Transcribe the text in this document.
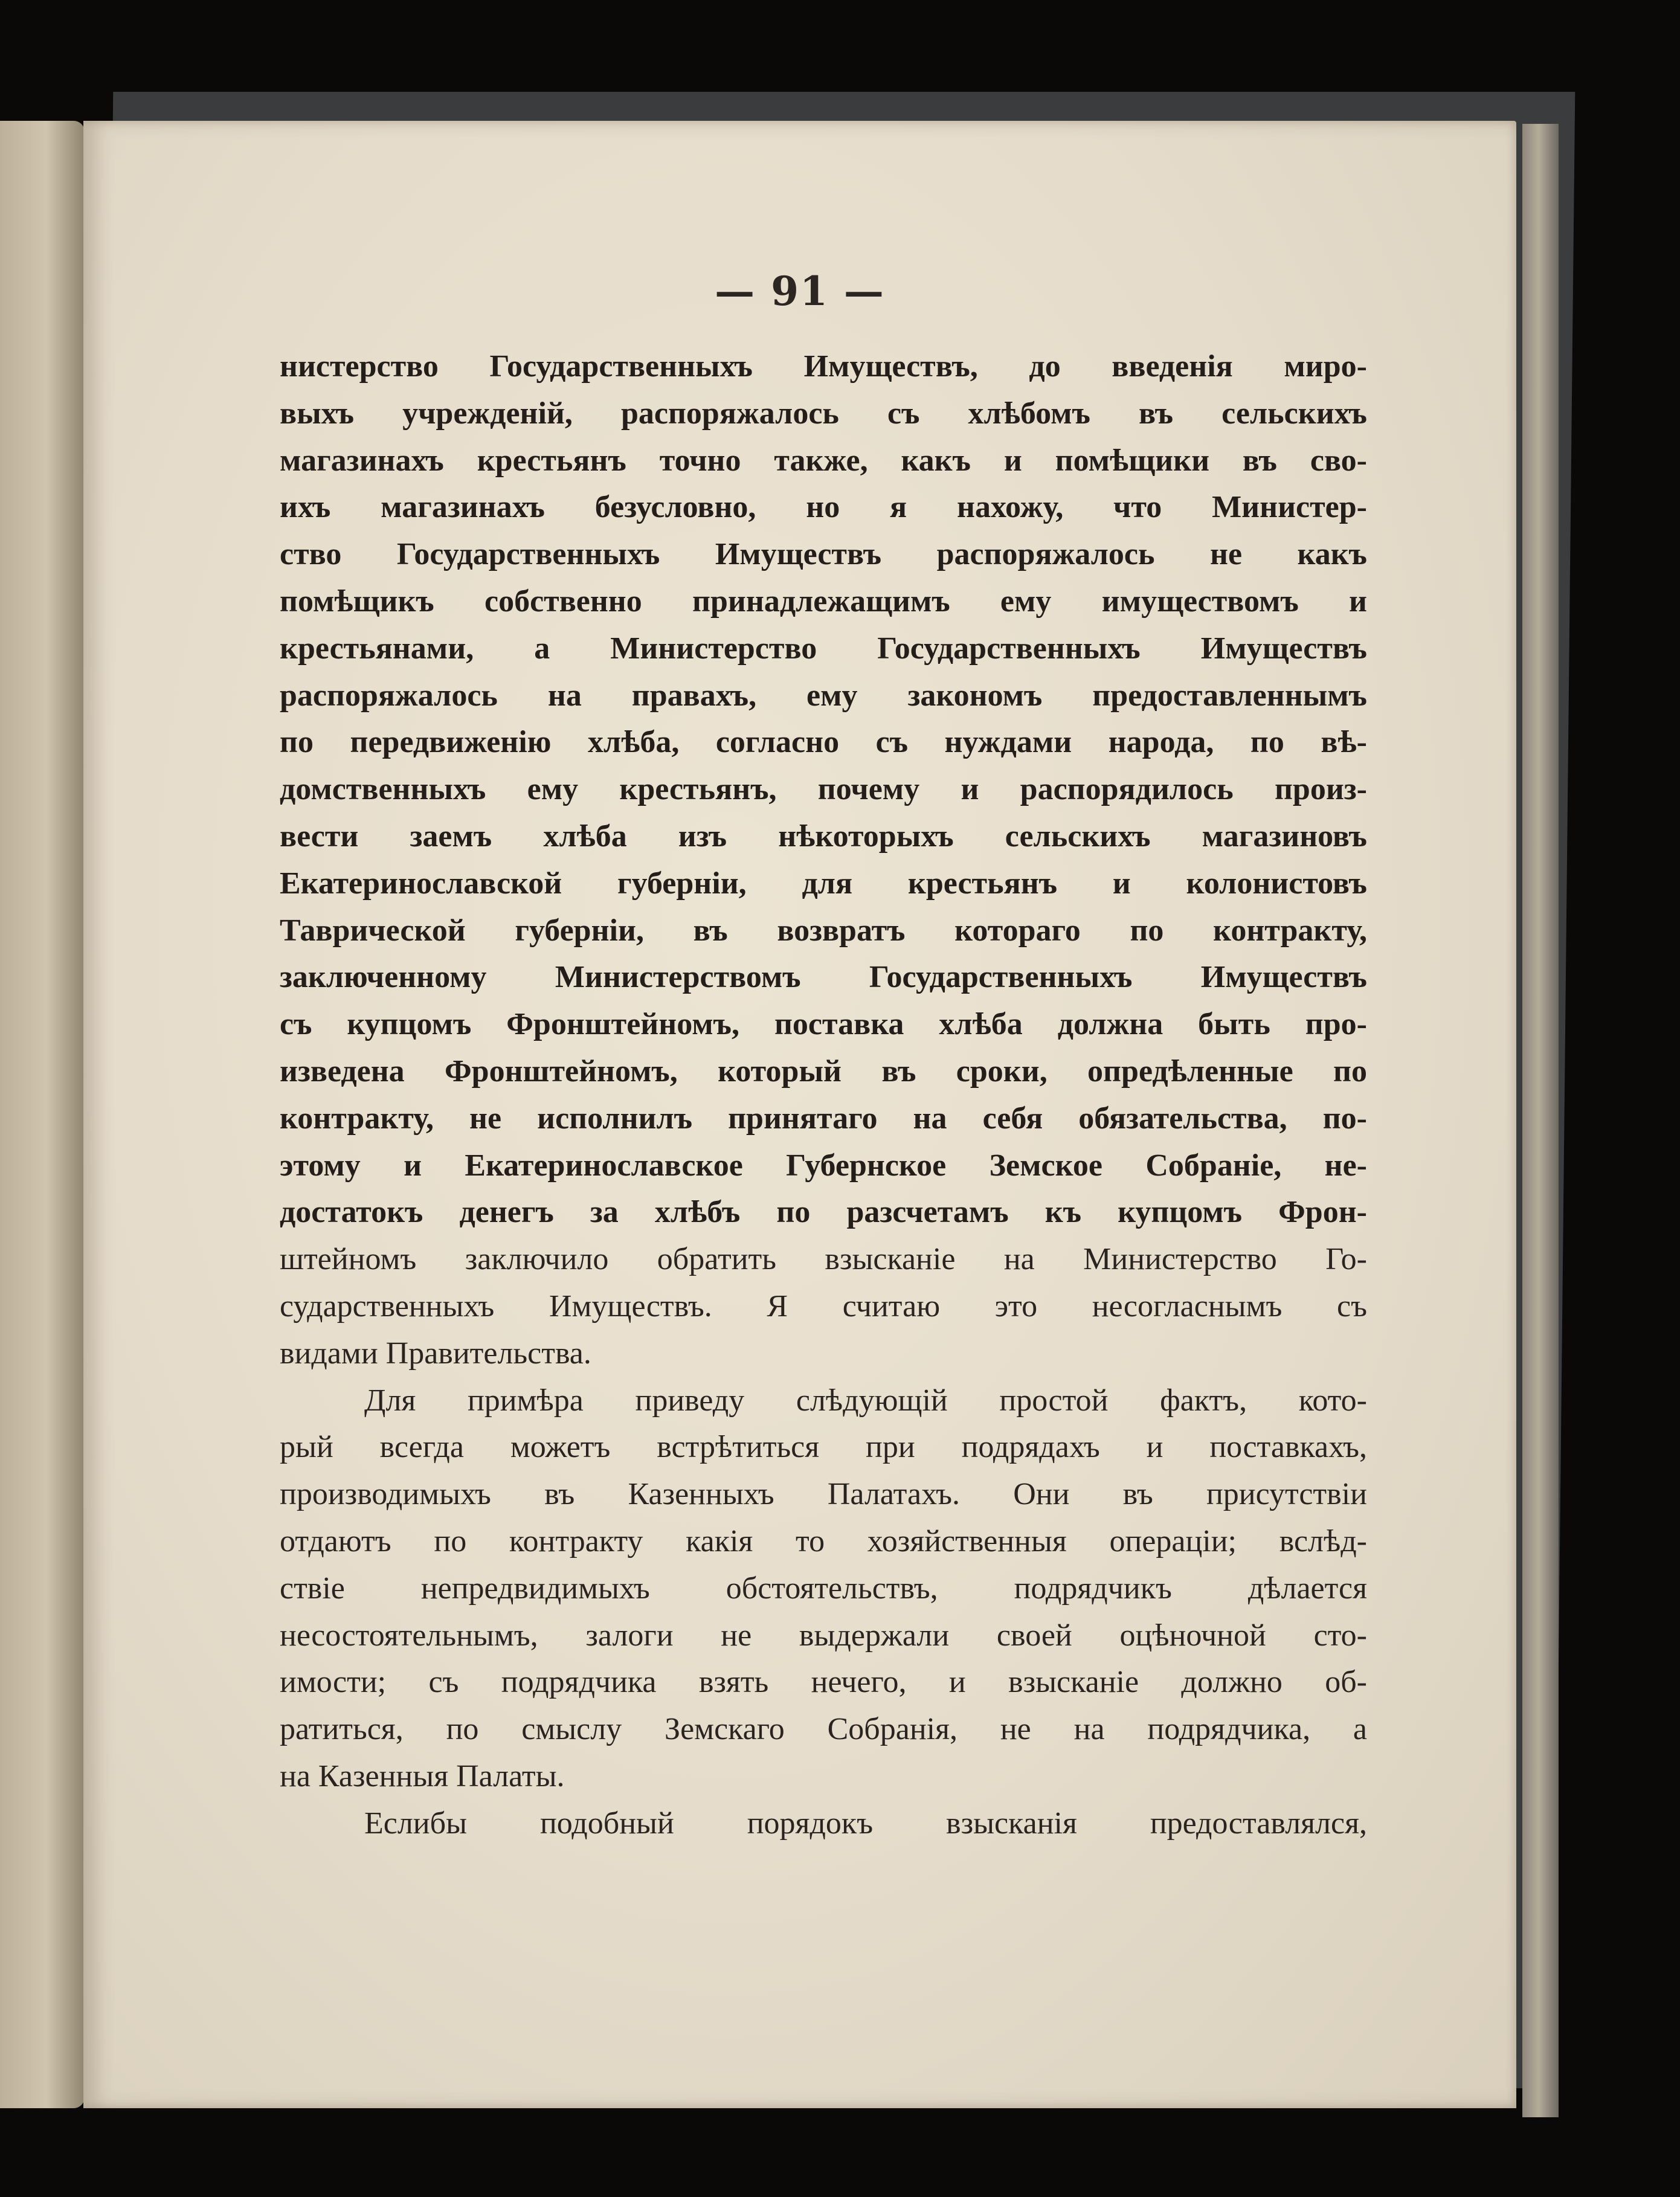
— 91 —
нистерство Государственныхъ Имуществъ, до введенія миро-
выхъ учрежденій, распоряжалось съ хлѣбомъ въ сельскихъ
магазинахъ крестьянъ точно также, какъ и помѣщики въ сво-
ихъ магазинахъ безусловно, но я нахожу, что Министер-
ство Государственныхъ Имуществъ распоряжалось не какъ
помѣщикъ собственно принадлежащимъ ему имуществомъ и
крестьянами, а Министерство Государственныхъ Имуществъ
распоряжалось на правахъ, ему закономъ предоставленнымъ
по передвиженію хлѣба, согласно съ нуждами народа, по вѣ-
домственныхъ ему крестьянъ, почему и распорядилось произ-
вести заемъ хлѣба изъ нѣкоторыхъ сельскихъ магазиновъ
Екатеринославской губерніи, для крестьянъ и колонистовъ
Таврической губерніи, въ возвратъ котораго по контракту,
заключенному Министерствомъ Государственныхъ Имуществъ
съ купцомъ Фронштейномъ, поставка хлѣба должна быть про-
изведена Фронштейномъ, который въ сроки, опредѣленные по
контракту, не исполнилъ принятаго на себя обязательства, по-
этому и Екатеринославское Губернское Земское Собраніе, не-
достатокъ денегъ за хлѣбъ по разсчетамъ къ купцомъ Фрон-
штейномъ заключило обратить взысканіе на Министерство Го-
сударственныхъ Имуществъ. Я считаю это несогласнымъ съ
видами Правительства.
Для примѣра приведу слѣдующій простой фактъ, кото-
рый всегда можетъ встрѣтиться при подрядахъ и поставкахъ,
производимыхъ въ Казенныхъ Палатахъ. Они въ присутствіи
отдаютъ по контракту какія то хозяйственныя операціи; вслѣд-
ствіе непредвидимыхъ обстоятельствъ, подрядчикъ дѣлается
несостоятельнымъ, залоги не выдержали своей оцѣночной сто-
имости; съ подрядчика взять нечего, и взысканіе должно об-
ратиться, по смыслу Земскаго Собранія, не на подрядчика, а
на Казенныя Палаты.
Еслибы подобный порядокъ взысканія предоставлялся,
